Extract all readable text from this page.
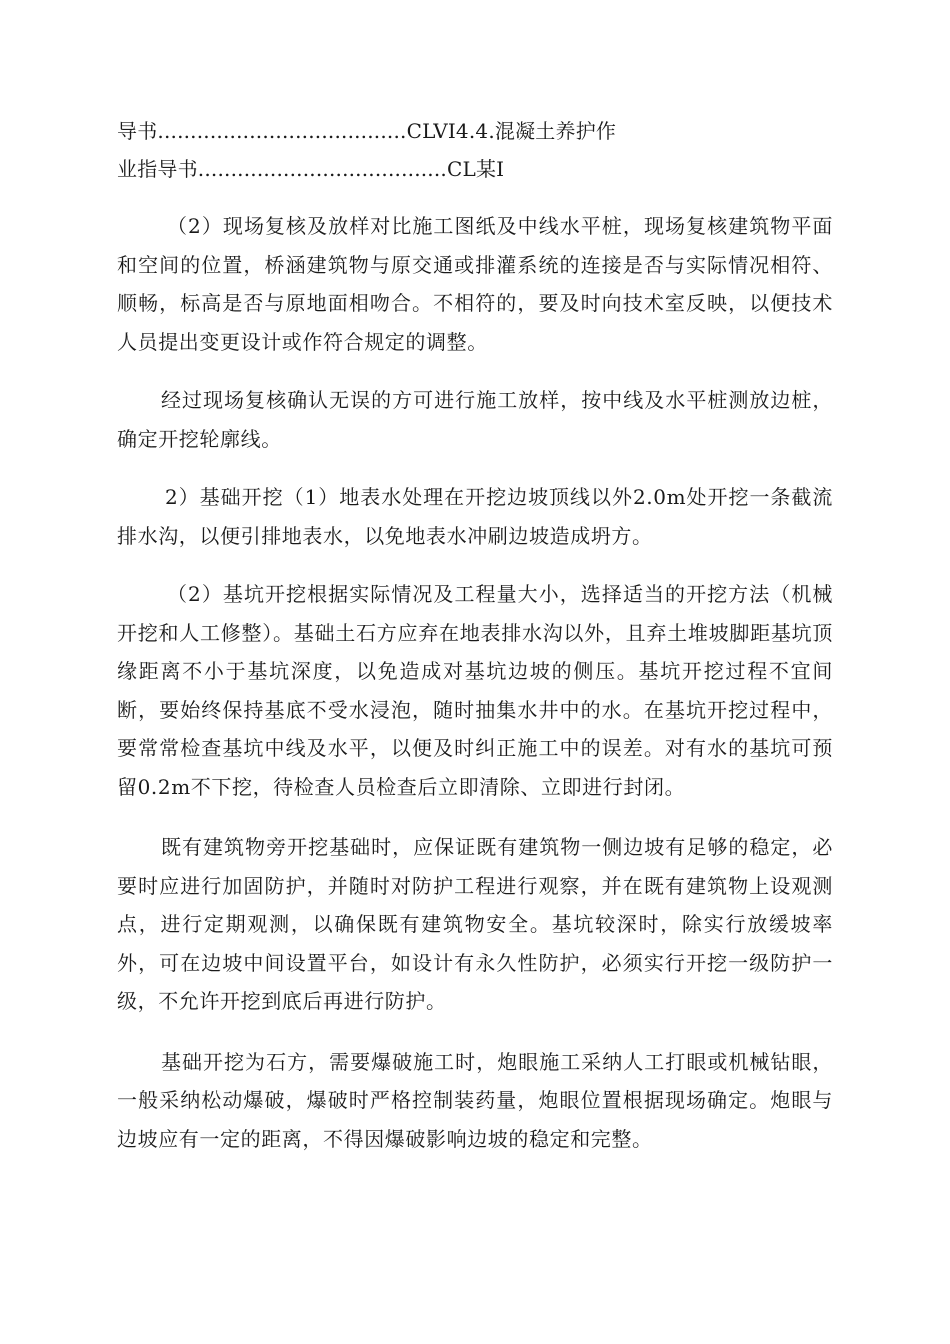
导书......................................CLVI4.4.混凝土养护作
业指导书......................................CL某I

（2）现场复核及放样对比施工图纸及中线水平桩，现场复核建筑物平面和空间的位置，桥涵建筑物与原交通或排灌系统的连接是否与实际情况相符、顺畅，标高是否与原地面相吻合。不相符的，要及时向技术室反映，以便技术人员提出变更设计或作符合规定的调整。

经过现场复核确认无误的方可进行施工放样，按中线及水平桩测放边桩，确定开挖轮廓线。

2）基础开挖（1）地表水处理在开挖边坡顶线以外2.0m处开挖一条截流排水沟，以便引排地表水，以免地表水冲刷边坡造成坍方。

（2）基坑开挖根据实际情况及工程量大小，选择适当的开挖方法（机械开挖和人工修整）。基础土石方应弃在地表排水沟以外，且弃土堆坡脚距基坑顶缘距离不小于基坑深度，以免造成对基坑边坡的侧压。基坑开挖过程不宜间断，要始终保持基底不受水浸泡，随时抽集水井中的水。在基坑开挖过程中，要常常检查基坑中线及水平，以便及时纠正施工中的误差。对有水的基坑可预留0.2m不下挖，待检查人员检查后立即清除、立即进行封闭。

既有建筑物旁开挖基础时，应保证既有建筑物一侧边坡有足够的稳定，必要时应进行加固防护，并随时对防护工程进行观察，并在既有建筑物上设观测点，进行定期观测，以确保既有建筑物安全。基坑较深时，除实行放缓坡率外，可在边坡中间设置平台，如设计有永久性防护，必须实行开挖一级防护一级，不允许开挖到底后再进行防护。

基础开挖为石方，需要爆破施工时，炮眼施工采纳人工打眼或机械钻眼，一般采纳松动爆破，爆破时严格控制装药量，炮眼位置根据现场确定。炮眼与边坡应有一定的距离，不得因爆破影响边坡的稳定和完整。
